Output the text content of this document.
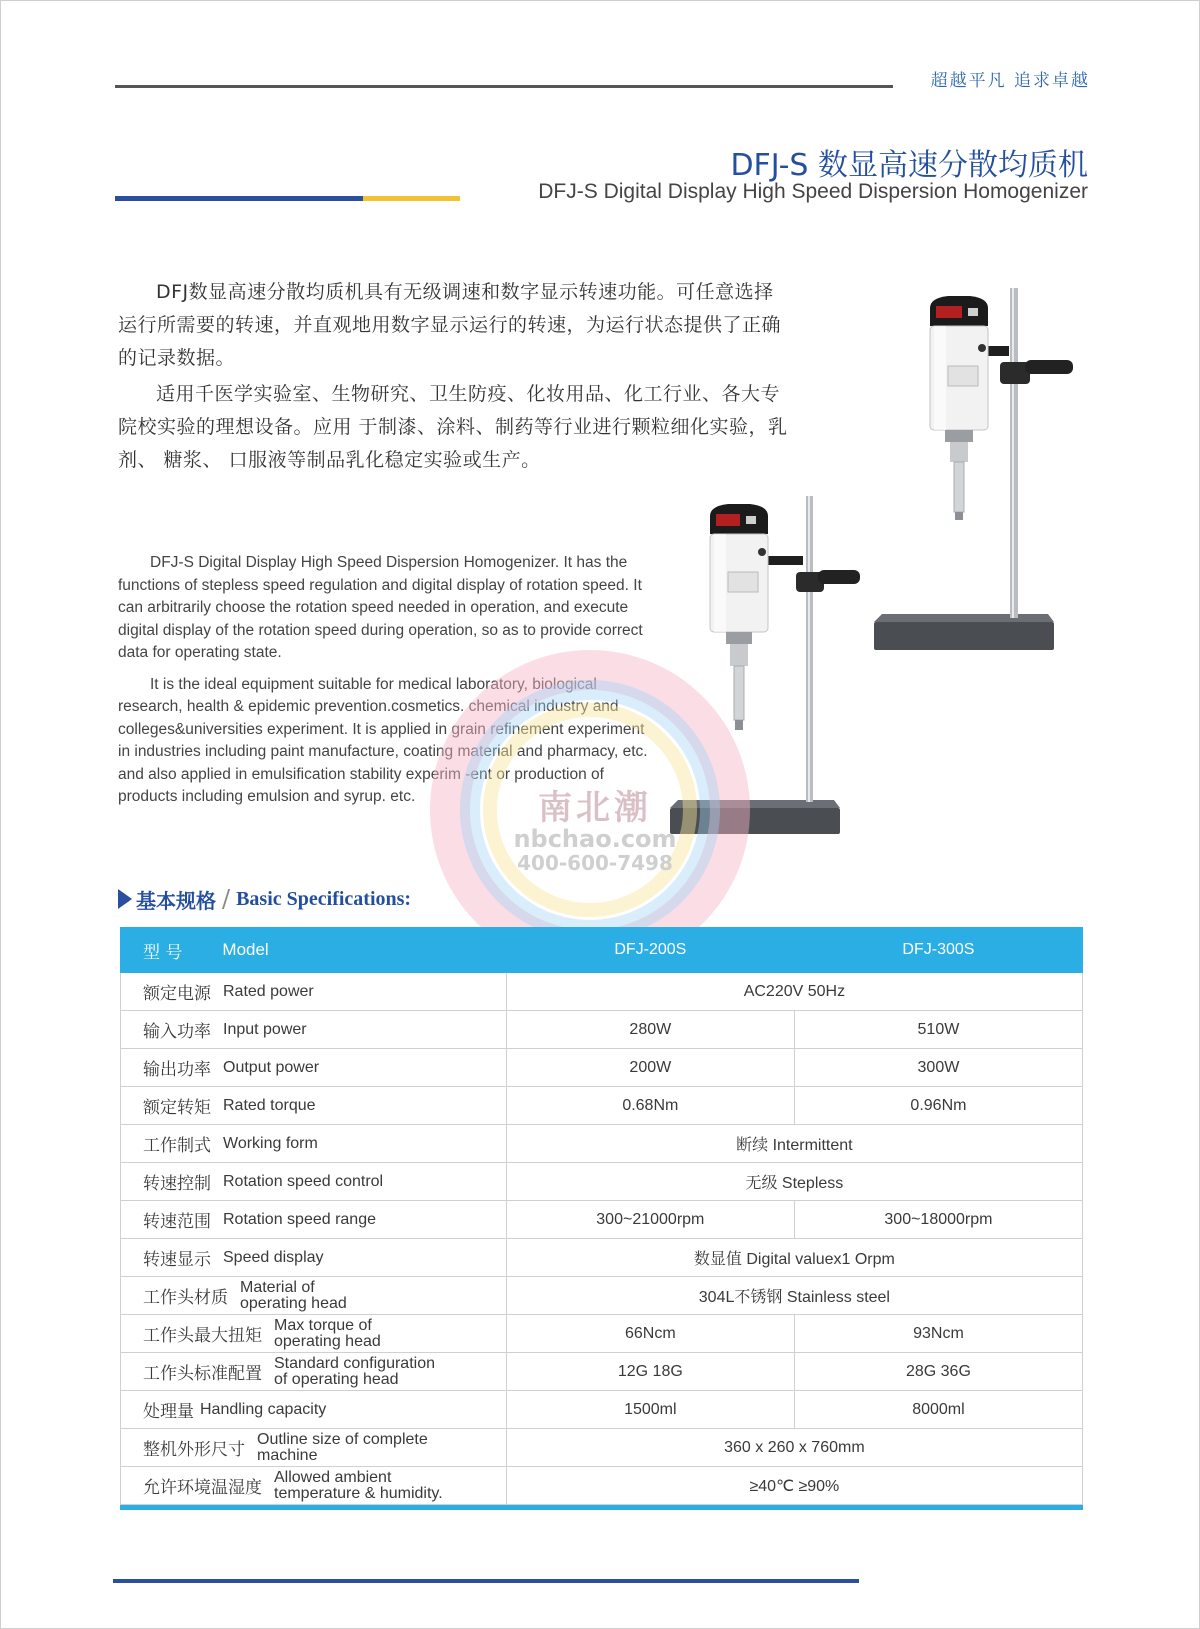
超越平凡 追求卓越
DFJ-S 数显高速分散均质机
DFJ-S Digital Display High Speed Dispersion Homogenizer

DFJ数显高速分散均质机具有无级调速和数字显示转速功能。可任意选择运行所需要的转速，并直观地用数字显示运行的转速，为运行状态提供了正确的记录数据。

适用千医学实验室、生物研究、卫生防疫、化妆用品、化工行业、各大专院校实验的理想设备。应用 于制漆、涂料、制药等行业进行颗粒细化实验，乳剂、 糖浆、 口服液等制品乳化稳定实验或生产。

DFJ-S Digital Display High Speed Dispersion Homogenizer. It has the functions of stepless speed regulation and digital display of rotation speed. It can arbitrarily choose the rotation speed needed in operation, and execute digital display of the rotation speed during operation, so as to provide correct data for operating state.

It is the ideal equipment suitable for medical laboratory, biological research, health & epidemic prevention.cosmetics. chemical industry and colleges&universities experiment. It is applied in grain refinement experiment in industries including paint manufacture, coating material and pharmacy, etc. and also applied in emulsification stability experim -ent or production of products including emulsion and syrup. etc.	南北潮
nbchao.com
400-600-7498
基本规格 / Basic Specifications:
型 号 Model	DFJ-200S	DFJ-300S

额定电源 Rated power	AC220V 50Hz	

输入功率 Input power	280W	510W

输出功率 Output power	200W	300W

额定转矩 Rated torque	0.68Nm	0.96Nm

工作制式 Working form	断续 Intermittent	

转速控制 Rotation speed control	无级 Stepless	

转速范围 Rotation speed range	300~21000rpm	300~18000rpm

转速显示 Speed display	数显值 Digital valuex1 Orpm	

工作头材质
Material of operating head	304L不锈钢 Stainless steel	

工作头最大扭矩
Max torque of operating head	66Ncm	93Ncm

工作头标准配置
Standard configuration of operating head	12G 18G	28G 36G

处理量 Handling capacity	1500ml	8000ml

整机外形尺寸
Outline size of complete machine	360 x 260 x 760mm	

允许环境温湿度
Allowed ambient temperature & humidity.	≥40℃ ≥90%	
